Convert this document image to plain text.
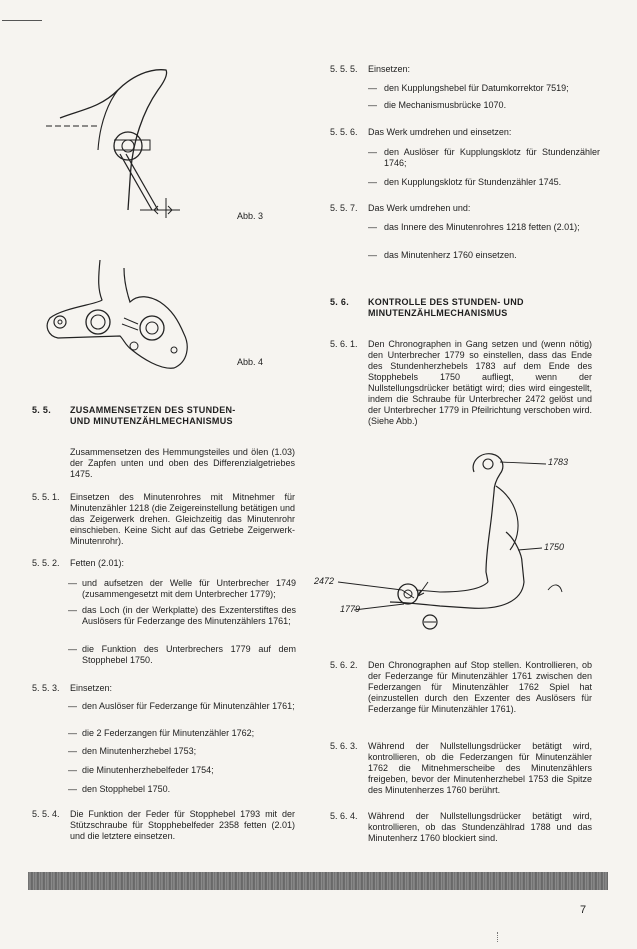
Abb. 3
Abb. 4
5. 5. ZUSAMMENSETZEN DES STUNDEN-
UND MINUTENZÄHLMECHANISMUS
Zusammensetzen des Hemmungsteiles und ölen (1.03) der Zapfen unten und oben des Differenzialgetriebes 1475.
5. 5. 1. Einsetzen des Minutenrohres mit Mitnehmer für Minutenzähler 1218 (die Zeigereinstellung betätigen und das Zeigerwerk drehen. Gleichzeitig das Minutenrohr einschieben. Keine Sicht auf das Getriebe Zeigerwerk-Minutenrohr).
5. 5. 2. Fetten (2.01):
— und aufsetzen der Welle für Unterbrecher 1749 (zusammengesetzt mit dem Unterbrecher 1779);
— das Loch (in der Werkplatte) des Exzenterstiftes des Auslösers für Federzange des Minutenzählers 1761;
— die Funktion des Unterbrechers 1779 auf dem Stopphebel 1750.
5. 5. 3. Einsetzen:
— den Auslöser für Federzange für Minutenzähler 1761;
— die 2 Federzangen für Minutenzähler 1762;
— den Minutenherzhebel 1753;
— die Minutenherzhebelfeder 1754;
— den Stopphebel 1750.
5. 5. 4. Die Funktion der Feder für Stopphebel 1793 mit der Stützschraube für Stopphebelfeder 2358 fetten (2.01) und die letztere einsetzen.
5. 5. 5. Einsetzen:
— den Kupplungshebel für Datumkorrektor 7519;
— die Mechanismusbrücke 1070.
5. 5. 6. Das Werk umdrehen und einsetzen:
— den Auslöser für Kupplungsklotz für Stundenzähler 1746;
— den Kupplungsklotz für Stundenzähler 1745.
5. 5. 7. Das Werk umdrehen und:
— das Innere des Minutenrohres 1218 fetten (2.01);
— das Minutenherz 1760 einsetzen.
5. 6. KONTROLLE DES STUNDEN- UND
MINUTENZÄHLMECHANISMUS
5. 6. 1. Den Chronographen in Gang setzen und (wenn nötig) den Unterbrecher 1779 so einstellen, dass das Ende des Stundenherzhebels 1783 auf dem Ende des Stopphebels 1750 aufliegt, wenn der Nullstellungsdrücker betätigt wird; dies wird eingestellt, indem die Schraube für Unterbrecher 2472 gelöst und der Unterbrecher 1779 in Pfeilrichtung verschoben wird. (Siehe Abb.)
1783
1750
2472
1779
5. 6. 2. Den Chronographen auf Stop stellen. Kontrollieren, ob der Federzange für Minutenzähler 1761 zwischen den Federzangen für Minutenzähler 1762 Spiel hat (einzustellen durch den Exzenter des Auslösers für Federzange für Minutenzähler 1761).
5. 6. 3. Während der Nullstellungsdrücker betätigt wird, kontrollieren, ob die Federzangen für Minutenzähler 1762 die Mitnehmerscheibe des Minutenzählers freigeben, bevor der Minutenherzhebel 1753 die Spitze des Minutenherzes 1760 berührt.
5. 6. 4. Während der Nullstellungsdrücker betätigt wird, kontrollieren, ob das Stundenzählrad 1788 und das Minutenherz 1760 blockiert sind.
7
